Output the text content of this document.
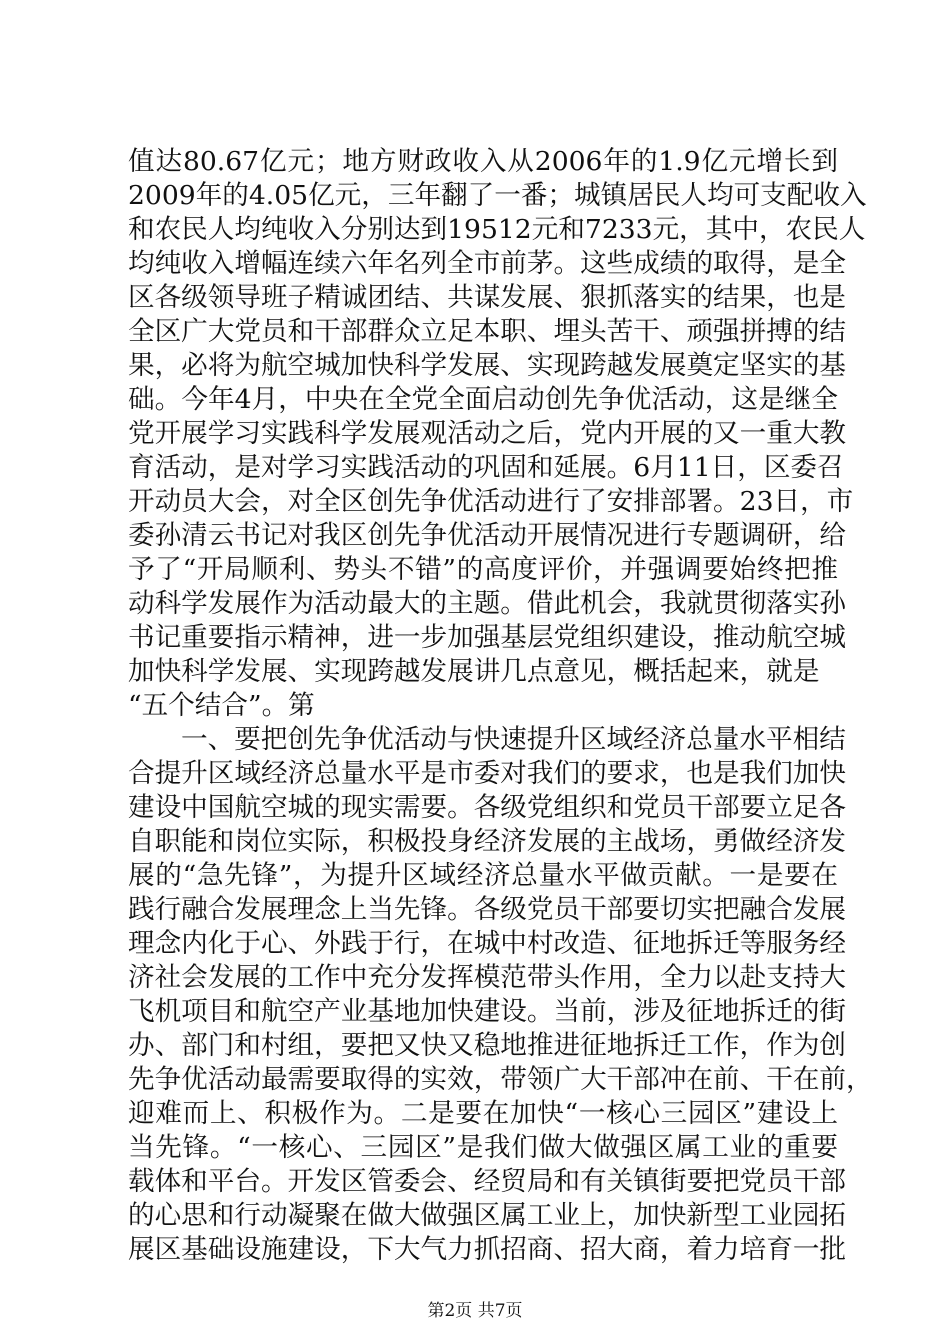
值达80.67亿元；地方财政收入从2006年的1.9亿元增长到
2009年的4.05亿元，三年翻了一番；城镇居民人均可支配收入
和农民人均纯收入分别达到19512元和7233元，其中，农民人
均纯收入增幅连续六年名列全市前茅。这些成绩的取得，是全
区各级领导班子精诚团结、共谋发展、狠抓落实的结果，也是
全区广大党员和干部群众立足本职、埋头苦干、顽强拼搏的结
果，必将为航空城加快科学发展、实现跨越发展奠定坚实的基
础。今年4月，中央在全党全面启动创先争优活动，这是继全
党开展学习实践科学发展观活动之后，党内开展的又一重大教
育活动，是对学习实践活动的巩固和延展。6月11日，区委召
开动员大会，对全区创先争优活动进行了安排部署。23日，市
委孙清云书记对我区创先争优活动开展情况进行专题调研，给
予了“开局顺利、势头不错”的高度评价，并强调要始终把推
动科学发展作为活动最大的主题。借此机会，我就贯彻落实孙
书记重要指示精神，进一步加强基层党组织建设，推动航空城
加快科学发展、实现跨越发展讲几点意见，概括起来，就是
“五个结合”。第
一、要把创先争优活动与快速提升区域经济总量水平相结
合提升区域经济总量水平是市委对我们的要求，也是我们加快
建设中国航空城的现实需要。各级党组织和党员干部要立足各
自职能和岗位实际，积极投身经济发展的主战场，勇做经济发
展的“急先锋”，为提升区域经济总量水平做贡献。一是要在
践行融合发展理念上当先锋。各级党员干部要切实把融合发展
理念内化于心、外践于行，在城中村改造、征地拆迁等服务经
济社会发展的工作中充分发挥模范带头作用，全力以赴支持大
飞机项目和航空产业基地加快建设。当前，涉及征地拆迁的街
办、部门和村组，要把又快又稳地推进征地拆迁工作，作为创
先争优活动最需要取得的实效，带领广大干部冲在前、干在前，
迎难而上、积极作为。二是要在加快“一核心三园区”建设上
当先锋。“一核心、三园区”是我们做大做强区属工业的重要
载体和平台。开发区管委会、经贸局和有关镇街要把党员干部
的心思和行动凝聚在做大做强区属工业上，加快新型工业园拓
展区基础设施建设，下大气力抓招商、招大商，着力培育一批
第2页 共7页
